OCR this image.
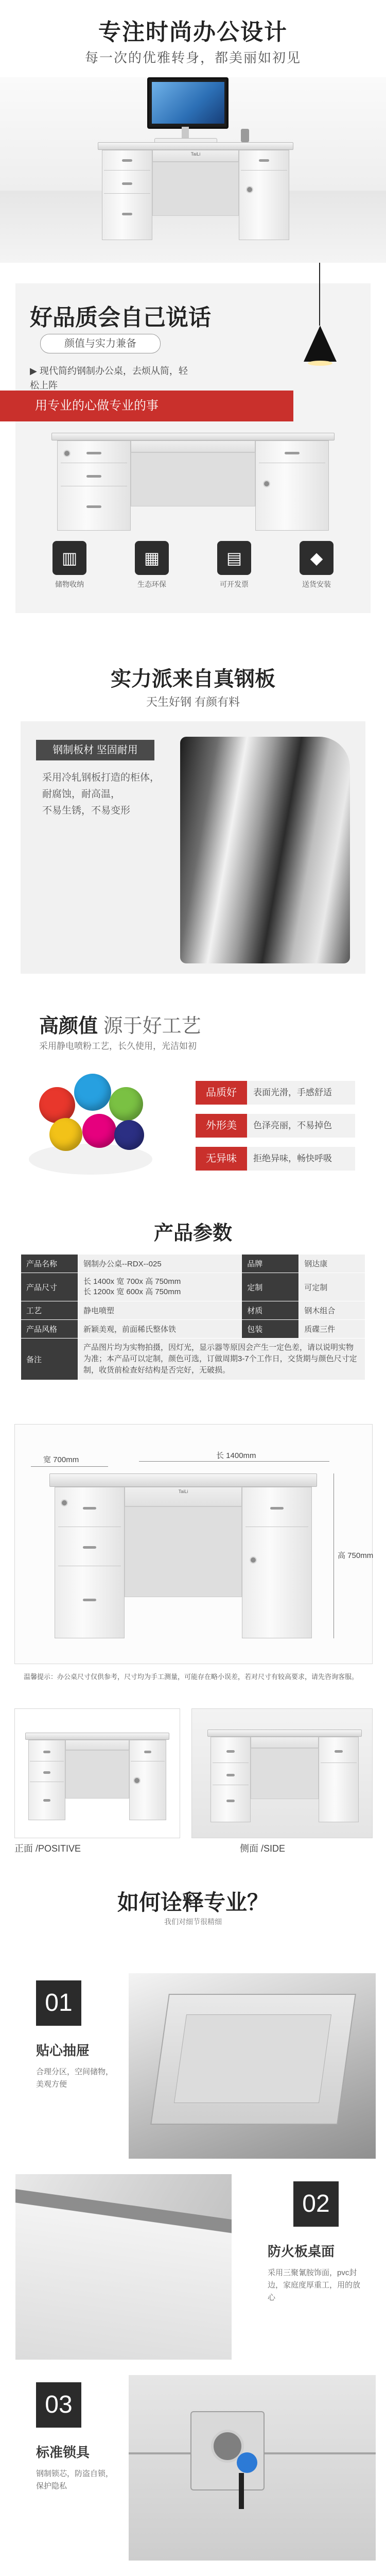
专注时尚办公设计
每一次的优雅转身，都美丽如初见
TaiLi
好品质会自己说话
颜值与实力兼备
▶ 现代简约钢制办公桌，去烦从简，轻松上阵
用专业的心做专业的事
▥
储物收纳
▦
生态环保
▤
可开发票
◆
送货安装
实力派来自真钢板
天生好钢 有颜有料
钢制板材 坚固耐用
采用冷轧钢板打造的柜体，
耐腐蚀，耐高温，
不易生锈，不易变形
高颜值 源于好工艺
采用静电喷粉工艺，长久使用，光洁如初
品质好	表面光滑，手感舒适
外形美	色泽亮丽，不易掉色
无异味	拒绝异味，畅快呼吸
产品参数
产品名称	钢制办公桌--RDX--025	品牌	钢达康
产品尺寸	长 1400x 宽 700x 高 750mm
长 1200x 宽 600x 高 750mm	定制	可定制
工艺	静电喷塑	材质	钢木组合
产品风格	新颖美观，前面稀氏整体铁	包装	质碟三件
备注	产品图片均为实物拍摄，因灯光，显示器等原因会产生一定色差，请以说明实物为准；本产品可以定制，颜色可选，订做周期3-7个工作日，交货期与颜色尺寸定制，收货前检查好结构是否完好，无破损。		
TaiLi
长 1400mm
宽 700mm
高 750mm
温馨提示：办公桌尺寸仅供参考，尺寸均为手工测量，可能存在略小误差，若对尺寸有较高要求，请先咨询客服。
正面 /POSITIVE	侧面 /SIDE
如何诠释专业？
我们对细节很精细
01
贴心抽屉
合理分区，空间储物，美观方便
02
防火板桌面
采用三聚氰胺饰面，pvc封边，家庭度厚重工，用的放心
03
标准锁具
钢制锁芯，防盗自锁，保护隐私
